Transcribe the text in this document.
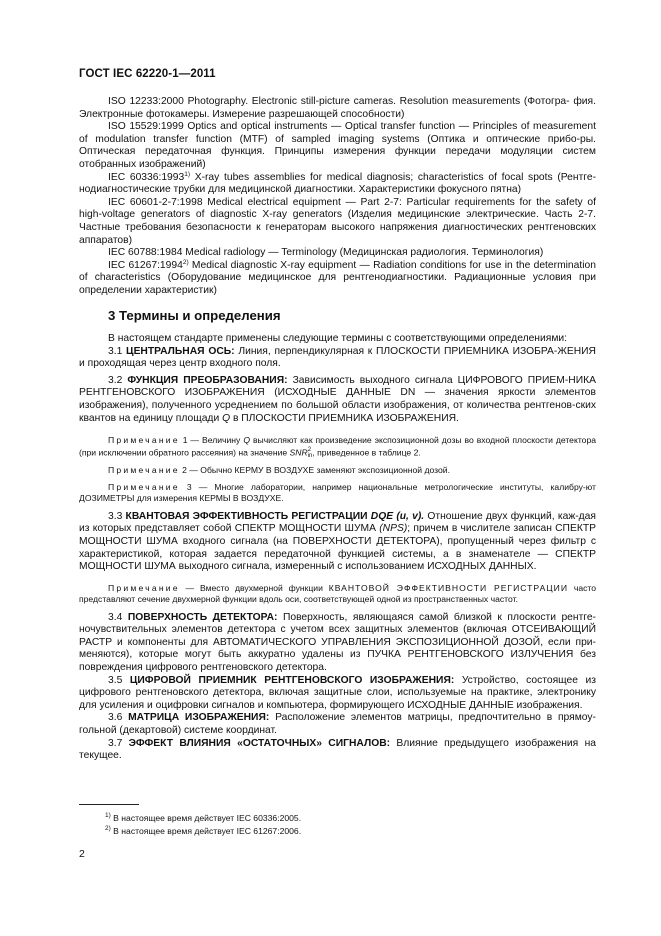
ГОСТ IEC 62220-1—2011

ISO 12233:2000 Photography. Electronic still-picture cameras. Resolution measurements (Фотогра- фия. Электронные фотокамеры. Измерение разрешающей способности)

ISO 15529:1999 Optics and optical instruments — Optical transfer function — Principles of measurement of modulation transfer function (MTF) of sampled imaging systems (Оптика и оптические прибо-ры. Оптическая передаточная функция. Принципы измерения функции передачи модуляции систем отобранных изображений)

IEC 60336:1993$^{1)}$ X-ray tubes assemblies for medical diagnosis; characteristics of focal spots (Рентге-нодиагностические трубки для медицинской диагностики. Характеристики фокусного пятна)

IEC 60601-2-7:1998 Medical electrical equipment — Part 2-7: Particular requirements for the safety of high-voltage generators of diagnostic X-ray generators (Изделия медицинские электрические. Часть 2-7. Частные требования безопасности к генераторам высокого напряжения диагностических рентгеновских аппаратов)

IEC 60788:1984 Medical radiology — Terminology (Медицинская радиология. Терминология)

IEC 61267:1994$^{2)}$ Medical diagnostic X-ray equipment — Radiation conditions for use in the determination of characteristics (Оборудование медицинское для рентгенодиагностики. Радиационные условия при определении характеристик)

3 Термины и определения

В настоящем стандарте применены следующие термины с соответствующими определениями:

3.1 ЦЕНТРАЛЬНАЯ ОСЬ: Линия, перпендикулярная к ПЛОСКОСТИ ПРИЕМНИКА ИЗОБРА-ЖЕНИЯ и проходящая через центр входного поля.

3.2 ФУНКЦИЯ ПРЕОБРАЗОВАНИЯ: Зависимость выходного сигнала ЦИФРОВОГО ПРИЕМ-НИКА РЕНТГЕНОВСКОГО ИЗОБРАЖЕНИЯ (ИСХОДНЫЕ ДАННЫЕ DN — значения яркости элементов изображения), полученного усреднением по большой области изображения, от количества рентгенов-ских квантов на единицу площади Q в ПЛОСКОСТИ ПРИЕМНИКА ИЗОБРАЖЕНИЯ.

Примечание 1 — Величину Q вычисляют как произведение экспозиционной дозы во входной плоскости детектора (при исключении обратного рассеяния) на значение SNR 2
in , приведенное в таблице 2.

Примечание 2 — Обычно КЕРМУ В ВОЗДУХЕ заменяют экспозиционной дозой.

Примечание 3 — Многие лаборатории, например национальные метрологические институты, калибру-ют ДОЗИМЕТРЫ для измерения КЕРМЫ В ВОЗДУХЕ.

3.3 КВАНТОВАЯ ЭФФЕКТИВНОСТЬ РЕГИСТРАЦИИ DQE (u, v). Отношение двух функций, каж-дая из которых представляет собой СПЕКТР МОЩНОСТИ ШУМА (NPS); причем в числителе записан СПЕКТР МОЩНОСТИ ШУМА входного сигнала (на ПОВЕРХНОСТИ ДЕТЕКТОРА), пропущенный через фильтр с характеристикой, которая задается передаточной функцией системы, а в знаменателе — СПЕКТР МОЩНОСТИ ШУМА выходного сигнала, измеренный с использованием ИСХОДНЫХ ДАННЫХ.

Примечание — Вместо двухмерной функции КВАНТОВОЙ ЭФФЕКТИВНОСТИ РЕГИСТРАЦИИ часто представляют сечение двухмерной функции вдоль оси, соответствующей одной из пространственных частот.

3.4 ПОВЕРХНОСТЬ ДЕТЕКТОРА: Поверхность, являющаяся самой близкой к плоскости рентге-ночувствительных элементов детектора с учетом всех защитных элементов (включая ОТСЕИВАЮЩИЙ РАСТР и компоненты для АВТОМАТИЧЕСКОГО УПРАВЛЕНИЯ ЭКСПОЗИЦИОННОЙ ДОЗОЙ, если при-меняются), которые могут быть аккуратно удалены из ПУЧКА РЕНТГЕНОВСКОГО ИЗЛУЧЕНИЯ без повреждения цифрового рентгеновского детектора.

3.5 ЦИФРОВОЙ ПРИЕМНИК РЕНТГЕНОВСКОГО ИЗОБРАЖЕНИЯ: Устройство, состоящее из цифрового рентгеновского детектора, включая защитные слои, используемые на практике, электронику для усиления и оцифровки сигналов и компьютера, формирующего ИСХОДНЫЕ ДАННЫЕ изображения.

3.6 МАТРИЦА ИЗОБРАЖЕНИЯ: Расположение элементов матрицы, предпочтительно в прямоу-гольной (декартовой) системе координат.

3.7 ЭФФЕКТ ВЛИЯНИЯ «ОСТАТОЧНЫХ» СИГНАЛОВ: Влияние предыдущего изображения на текущее.

$^{1)}$ В настоящее время действует IEC 60336:2005.
$^{2)}$ В настоящее время действует IEC 61267:2006.
2
